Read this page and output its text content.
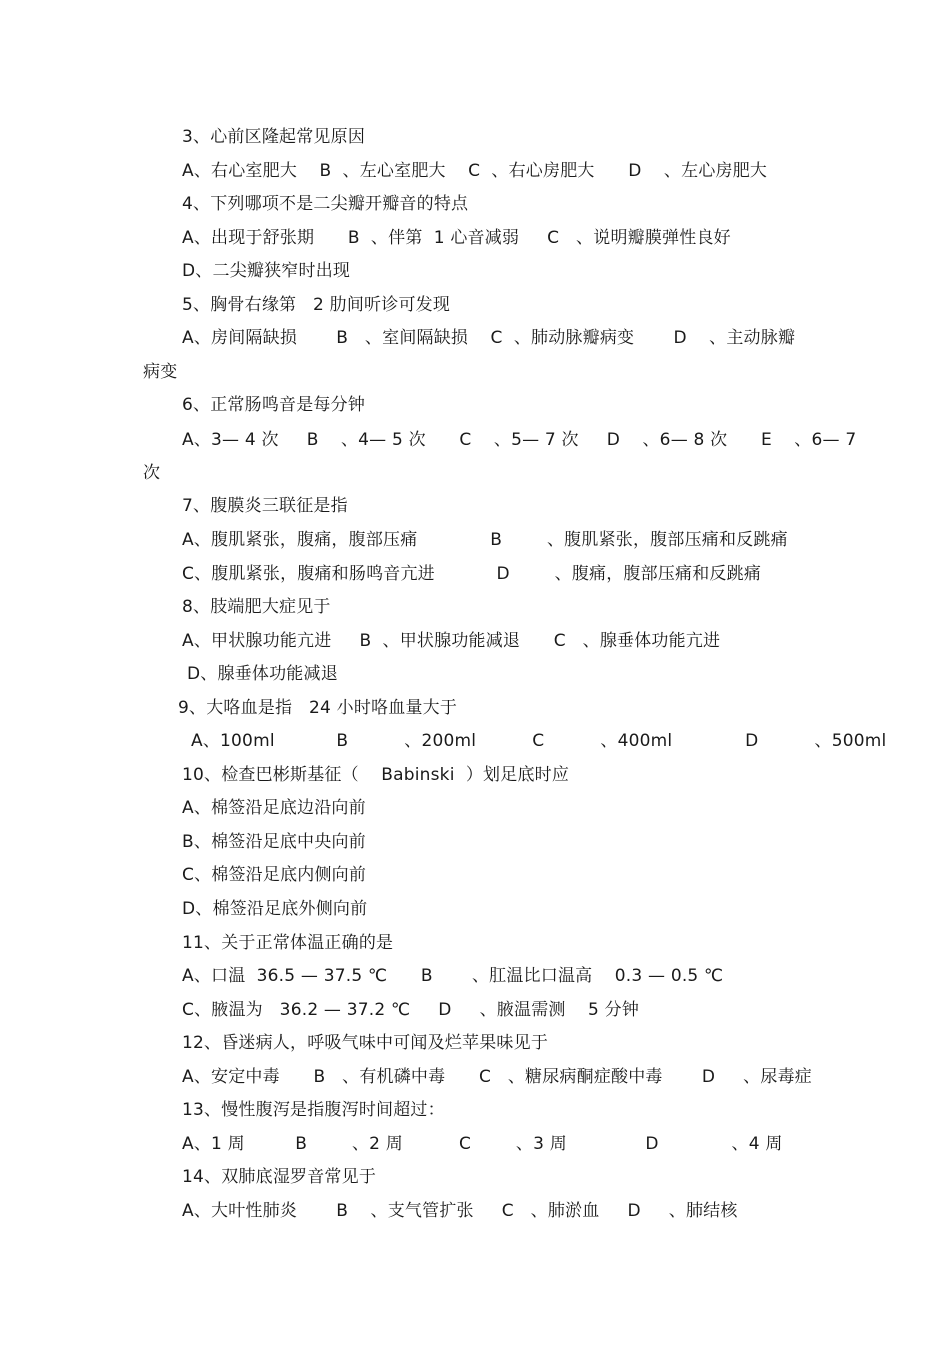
3、心前区隆起常见原因
A、右心室肥大    B  、左心室肥大    C  、右心房肥大      D    、左心房肥大
4、下列哪项不是二尖瓣开瓣音的特点
A、出现于舒张期      B  、伴第  1 心音减弱     C   、说明瓣膜弹性良好
D、二尖瓣狭窄时出现
5、胸骨右缘第   2 肋间听诊可发现
A、房间隔缺损       B   、室间隔缺损    C  、肺动脉瓣病变       D    、主动脉瓣
病变
6、正常肠鸣音是每分钟
A、3— 4 次     B    、4— 5 次      C    、5— 7 次     D    、6— 8 次      E    、6— 7
次
7、腹膜炎三联征是指
A、腹肌紧张，腹痛，腹部压痛             B        、腹肌紧张，腹部压痛和反跳痛
C、腹肌紧张，腹痛和肠鸣音亢进           D        、腹痛，腹部压痛和反跳痛
8、肢端肥大症见于
A、甲状腺功能亢进     B  、甲状腺功能减退      C   、腺垂体功能亢进
D、腺垂体功能减退
9、大咯血是指   24 小时咯血量大于
A、100ml           B          、200ml          C          、400ml             D          、500ml
10、检查巴彬斯基征（    Babinski  ）划足底时应
A、棉签沿足底边沿向前
B、棉签沿足底中央向前
C、棉签沿足底内侧向前
D、棉签沿足底外侧向前
11、关于正常体温正确的是
A、口温  36.5 — 37.5 ℃      B       、肛温比口温高    0.3 — 0.5 ℃
C、腋温为   36.2 — 37.2 ℃     D     、腋温需测    5 分钟
12、昏迷病人，呼吸气味中可闻及烂苹果味见于
A、安定中毒      B   、有机磷中毒      C   、糖尿病酮症酸中毒       D     、尿毒症
13、慢性腹泻是指腹泻时间超过：
A、1 周         B        、2 周          C        、3 周              D             、4 周
14、双肺底湿罗音常见于
A、大叶性肺炎       B    、支气管扩张     C   、肺淤血     D     、肺结核
